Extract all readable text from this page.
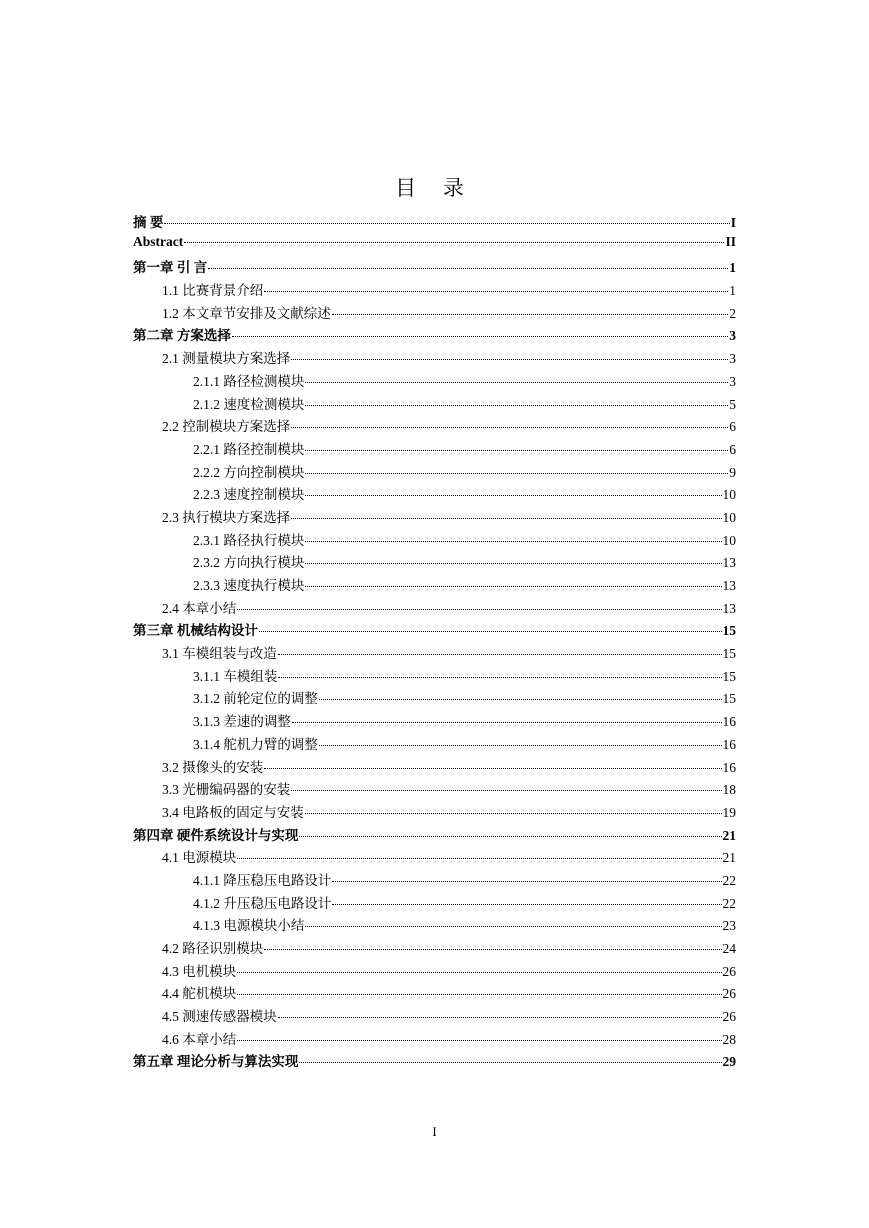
目 录
摘 要	I
Abstract	II
第一章 引 言	1
1.1 比赛背景介绍	1
1.2 本文章节安排及文献综述	2
第二章 方案选择	3
2.1 测量模块方案选择	3
2.1.1 路径检测模块	3
2.1.2 速度检测模块	5
2.2 控制模块方案选择	6
2.2.1 路径控制模块	6
2.2.2 方向控制模块	9
2.2.3 速度控制模块	10
2.3 执行模块方案选择	10
2.3.1 路径执行模块	10
2.3.2 方向执行模块	13
2.3.3 速度执行模块	13
2.4 本章小结	13
第三章 机械结构设计	15
3.1 车模组装与改造	15
3.1.1 车模组装	15
3.1.2 前轮定位的调整	15
3.1.3 差速的调整	16
3.1.4 舵机力臂的调整	16
3.2 摄像头的安装	16
3.3 光栅编码器的安装	18
3.4 电路板的固定与安装	19
第四章 硬件系统设计与实现	21
4.1 电源模块	21
4.1.1 降压稳压电路设计	22
4.1.2 升压稳压电路设计	22
4.1.3 电源模块小结	23
4.2 路径识别模块	24
4.3 电机模块	26
4.4 舵机模块	26
4.5 测速传感器模块	26
4.6 本章小结	28
第五章 理论分析与算法实现	29
I
